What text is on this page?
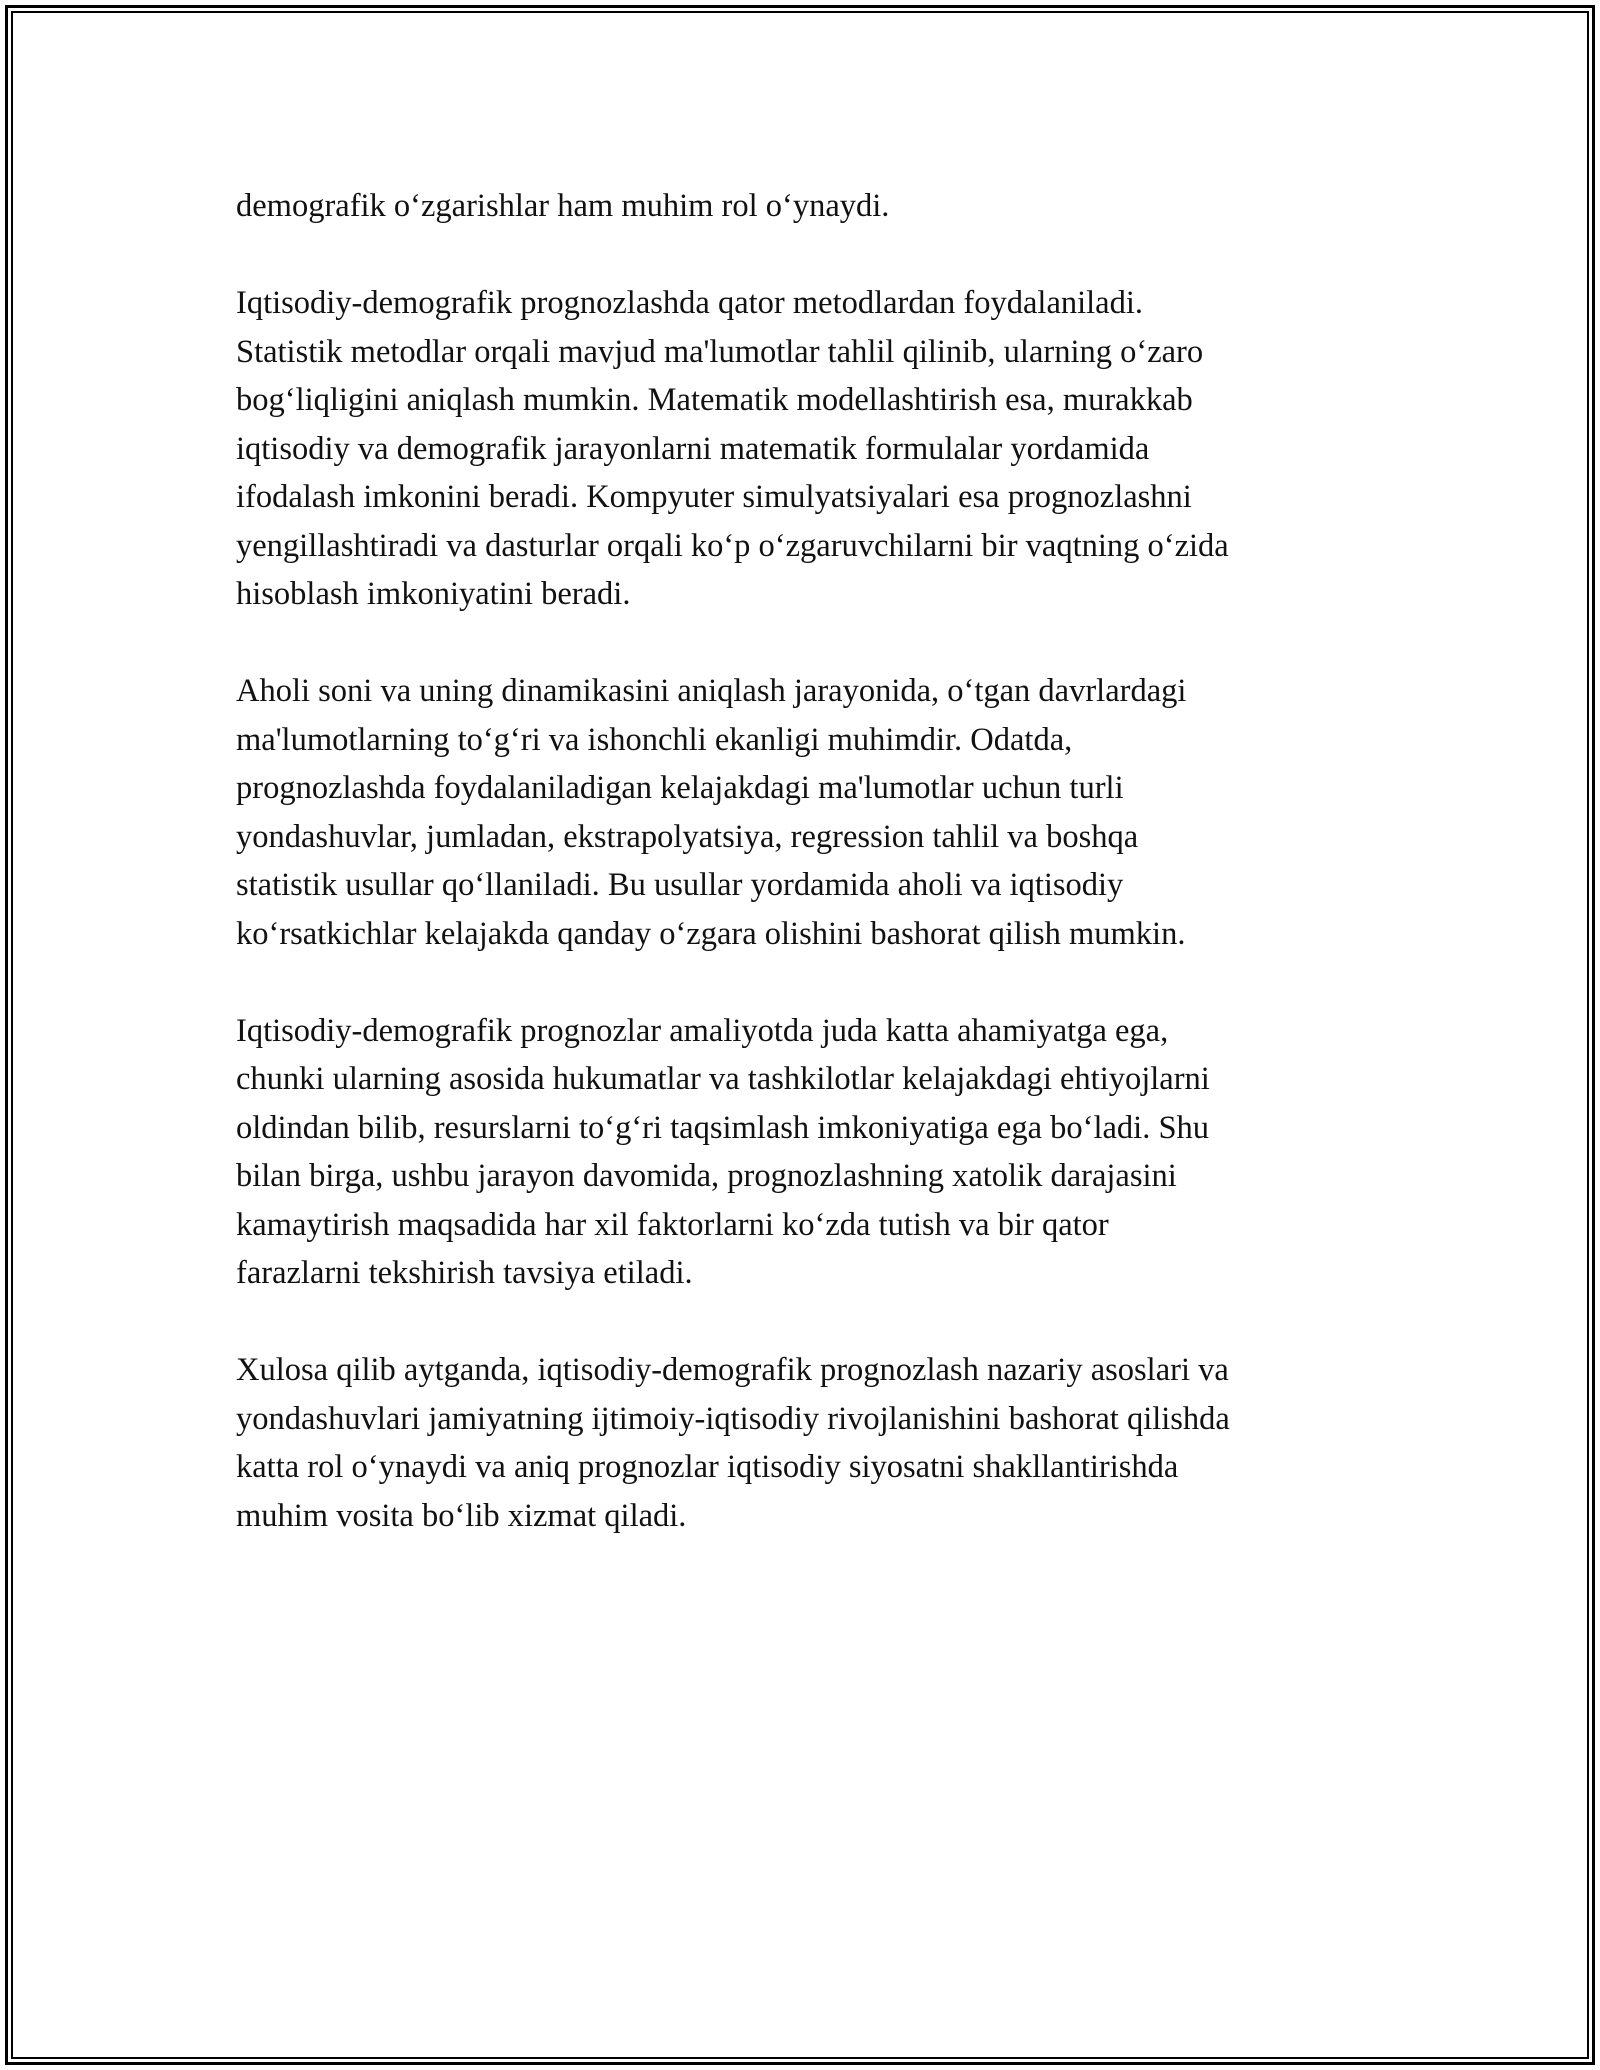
demografik o‘zgarishlar ham muhim rol o‘ynaydi.

Iqtisodiy-demografik prognozlashda qator metodlardan foydalaniladi.
Statistik metodlar orqali mavjud ma'lumotlar tahlil qilinib, ularning o‘zaro
bog‘liqligini aniqlash mumkin. Matematik modellashtirish esa, murakkab
iqtisodiy va demografik jarayonlarni matematik formulalar yordamida
ifodalash imkonini beradi. Kompyuter simulyatsiyalari esa prognozlashni
yengillashtiradi va dasturlar orqali ko‘p o‘zgaruvchilarni bir vaqtning o‘zida
hisoblash imkoniyatini beradi.

Aholi soni va uning dinamikasini aniqlash jarayonida, o‘tgan davrlardagi
ma'lumotlarning to‘g‘ri va ishonchli ekanligi muhimdir. Odatda,
prognozlashda foydalaniladigan kelajakdagi ma'lumotlar uchun turli
yondashuvlar, jumladan, ekstrapolyatsiya, regression tahlil va boshqa
statistik usullar qo‘llaniladi. Bu usullar yordamida aholi va iqtisodiy
ko‘rsatkichlar kelajakda qanday o‘zgara olishini bashorat qilish mumkin.

Iqtisodiy-demografik prognozlar amaliyotda juda katta ahamiyatga ega,
chunki ularning asosida hukumatlar va tashkilotlar kelajakdagi ehtiyojlarni
oldindan bilib, resurslarni to‘g‘ri taqsimlash imkoniyatiga ega bo‘ladi. Shu
bilan birga, ushbu jarayon davomida, prognozlashning xatolik darajasini
kamaytirish maqsadida har xil faktorlarni ko‘zda tutish va bir qator
farazlarni tekshirish tavsiya etiladi.

Xulosa qilib aytganda, iqtisodiy-demografik prognozlash nazariy asoslari va
yondashuvlari jamiyatning ijtimoiy-iqtisodiy rivojlanishini bashorat qilishda
katta rol o‘ynaydi va aniq prognozlar iqtisodiy siyosatni shakllantirishda
muhim vosita bo‘lib xizmat qiladi.
